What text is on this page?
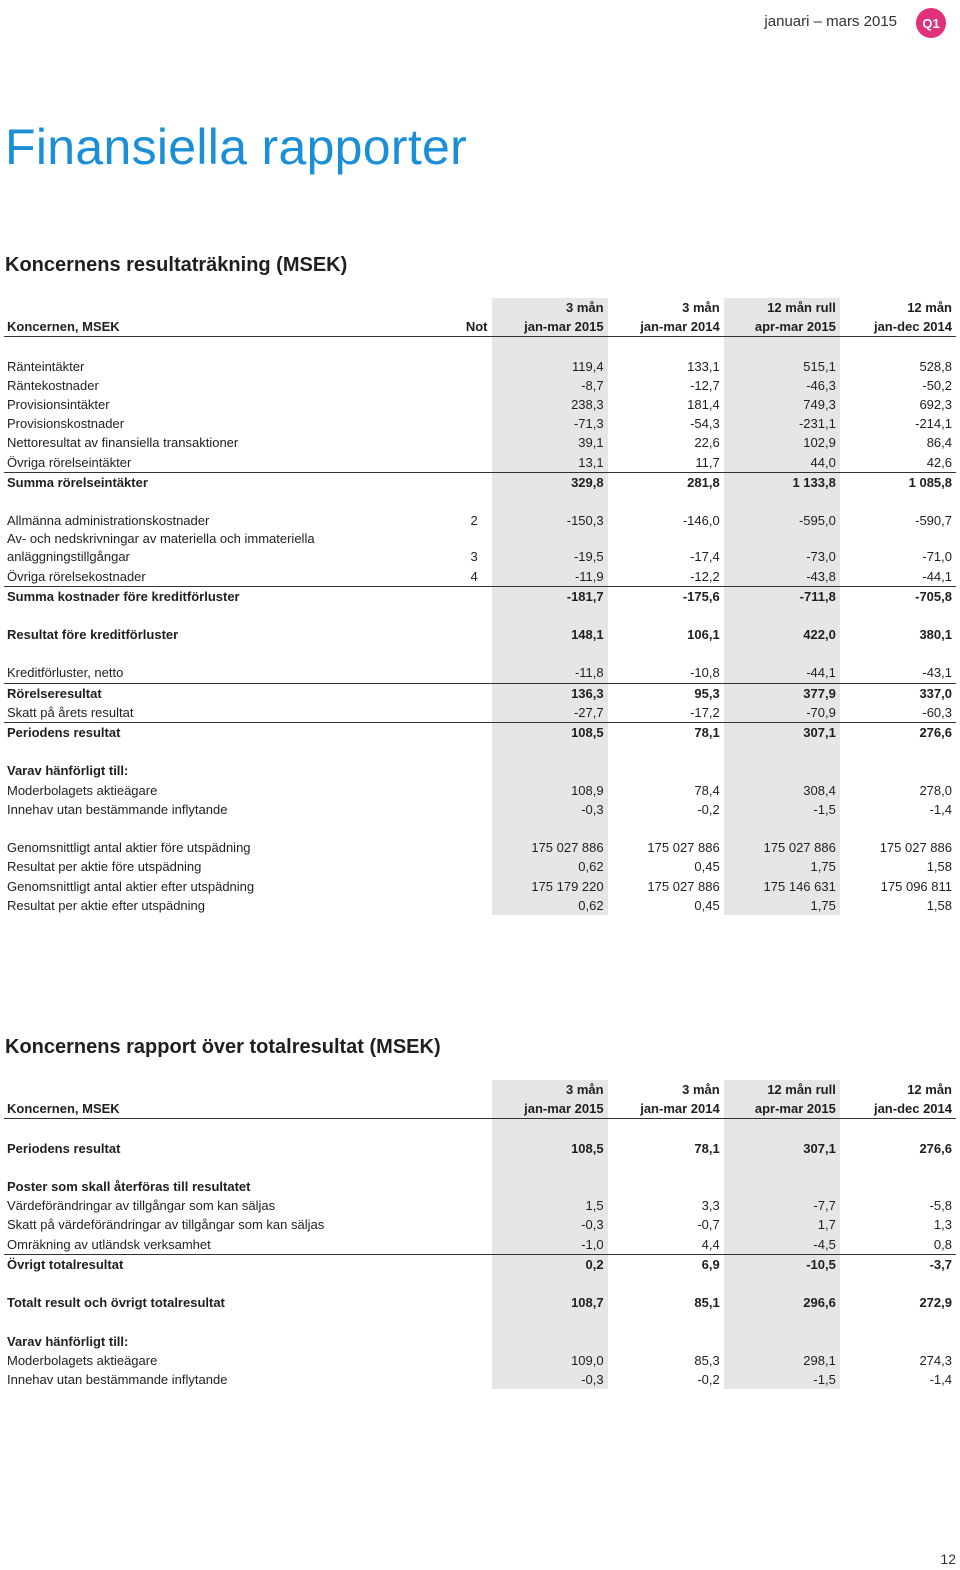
januari – mars 2015	Q1
Finansiella rapporter
Koncernens resultaträkning (MSEK)
		3 mån	3 mån	12 mån rull	12 mån
Koncernen, MSEK	Not	jan-mar 2015	jan-mar 2014	apr-mar 2015	jan-dec 2014

Ränteintäkter		119,4	133,1	515,1	528,8
Räntekostnader		-8,7	-12,7	-46,3	-50,2
Provisionsintäkter		238,3	181,4	749,3	692,3
Provisionskostnader		-71,3	-54,3	-231,1	-214,1
Nettoresultat av finansiella transaktioner		39,1	22,6	102,9	86,4
Övriga rörelseintäkter		13,1	11,7	44,0	42,6
Summa rörelseintäkter		329,8	281,8	1 133,8	1 085,8

Allmänna administrationskostnader	2	-150,3	-146,0	-595,0	-590,7
Av- och nedskrivningar av materiella och immateriella					
anläggningstillgångar	3	-19,5	-17,4	-73,0	-71,0
Övriga rörelsekostnader	4	-11,9	-12,2	-43,8	-44,1
Summa kostnader före kreditförluster		-181,7	-175,6	-711,8	-705,8

Resultat före kreditförluster		148,1	106,1	422,0	380,1

Kreditförluster, netto		-11,8	-10,8	-44,1	-43,1
Rörelseresultat		136,3	95,3	377,9	337,0
Skatt på årets resultat		-27,7	-17,2	-70,9	-60,3
Periodens resultat		108,5	78,1	307,1	276,6

Varav hänförligt till:					
Moderbolagets aktieägare		108,9	78,4	308,4	278,0
Innehav utan bestämmande inflytande		-0,3	-0,2	-1,5	-1,4

Genomsnittligt antal aktier före utspädning		175 027 886	175 027 886	175 027 886	175 027 886
Resultat per aktie före utspädning		0,62	0,45	1,75	1,58
Genomsnittligt antal aktier efter utspädning		175 179 220	175 027 886	175 146 631	175 096 811
Resultat per aktie efter utspädning		0,62	0,45	1,75	1,58
Koncernens rapport över totalresultat (MSEK)
	3 mån	3 mån	12 mån rull	12 mån
Koncernen, MSEK	jan-mar 2015	jan-mar 2014	apr-mar 2015	jan-dec 2014

Periodens resultat	108,5	78,1	307,1	276,6

Poster som skall återföras till resultatet				
Värdeförändringar av tillgångar som kan säljas	1,5	3,3	-7,7	-5,8
Skatt på värdeförändringar av tillgångar som kan säljas	-0,3	-0,7	1,7	1,3
Omräkning av utländsk verksamhet	-1,0	4,4	-4,5	0,8
Övrigt totalresultat	0,2	6,9	-10,5	-3,7

Totalt result och övrigt totalresultat	108,7	85,1	296,6	272,9

Varav hänförligt till:				
Moderbolagets aktieägare	109,0	85,3	298,1	274,3
Innehav utan bestämmande inflytande	-0,3	-0,2	-1,5	-1,4
12
